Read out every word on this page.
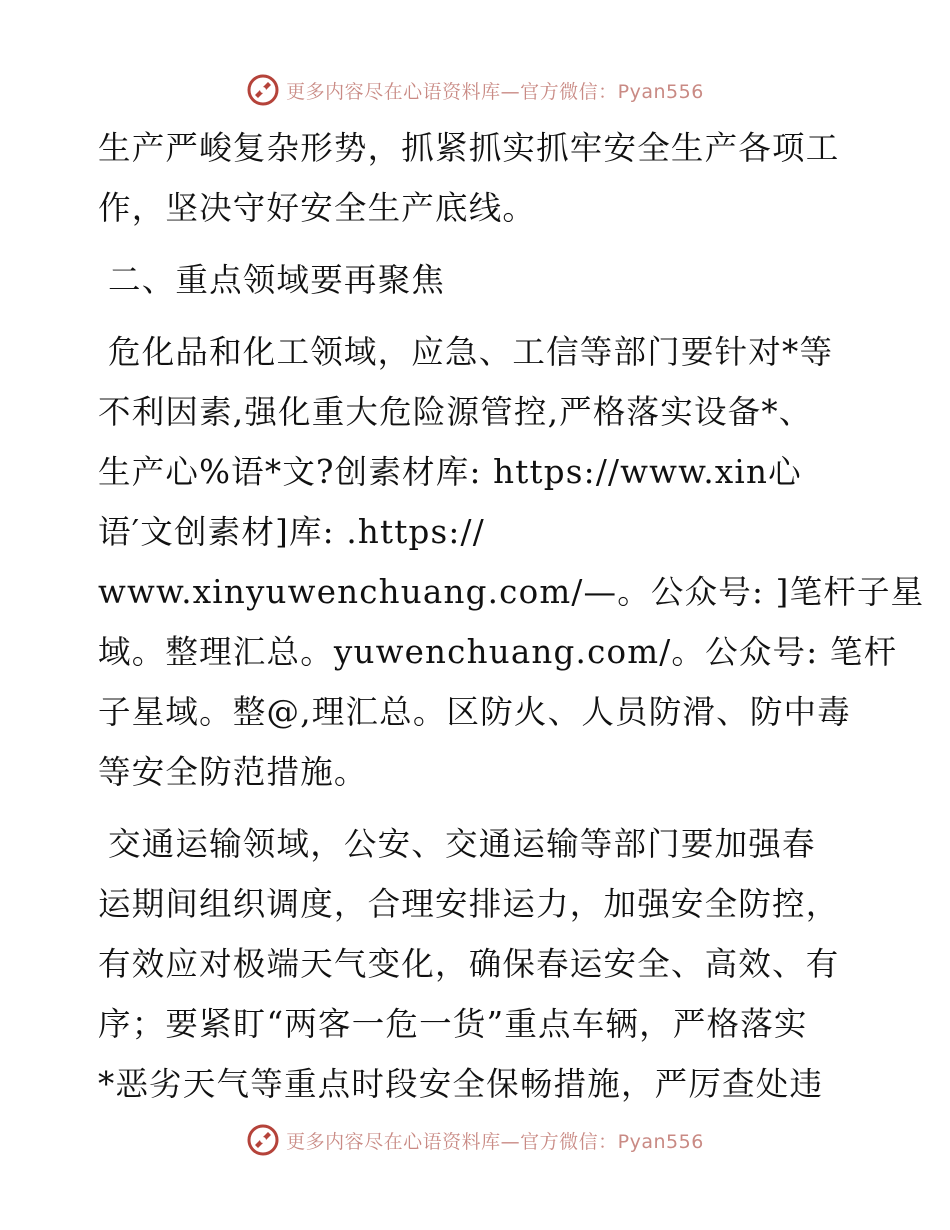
更多内容尽在心语资料库—官方微信：Pyan556
生产严峻复杂形势，抓紧抓实抓牢安全生产各项工
作，坚决守好安全生产底线。
二、重点领域要再聚焦
危化品和化工领域，应急、工信等部门要针对*等
不利因素,强化重大危险源管控,严格落实设备*、
生产心%语*文?创素材库: https://www.xin心
语′文创素材]库: .https://
www.xinyuwenchuang.com/—。公众号: ]笔杆子星
域。整理汇总。yuwenchuang.com/。公众号: 笔杆
子星域。整@,理汇总。区防火、人员防滑、防中毒
等安全防范措施。
交通运输领域，公安、交通运输等部门要加强春
运期间组织调度，合理安排运力，加强安全防控，
有效应对极端天气变化，确保春运安全、高效、有
序；要紧盯“两客一危一货”重点车辆，严格落实
*恶劣天气等重点时段安全保畅措施，严厉查处违
更多内容尽在心语资料库—官方微信：Pyan556
